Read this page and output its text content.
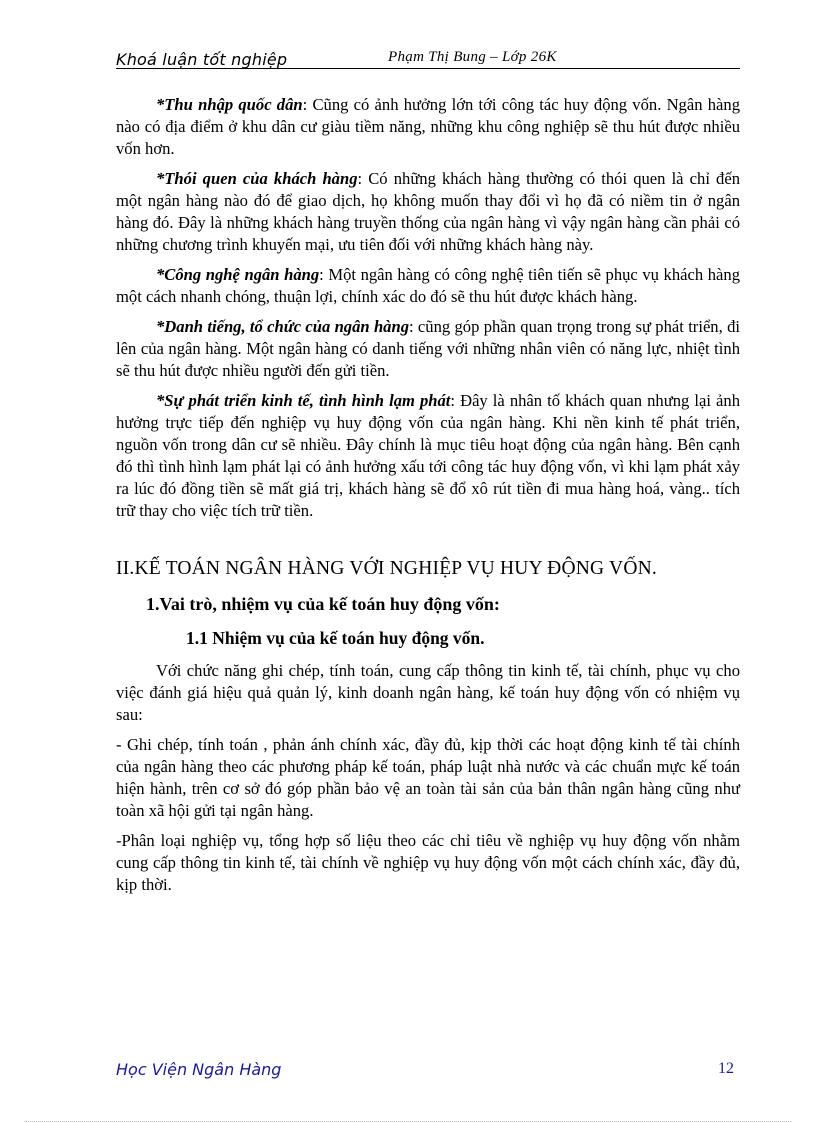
Khoá luận tốt nghiệp	Phạm Thị Bung – Lớp 26K

*Thu nhập quốc dân: Cũng có ảnh hưởng lớn tới công tác huy động vốn. Ngân hàng nào có địa điểm ở khu dân cư giàu tiềm năng, những khu công nghiệp sẽ thu hút được nhiều vốn hơn.

*Thói quen của khách hàng: Có những khách hàng thường có thói quen là chỉ đến một ngân hàng nào đó để giao dịch, họ không muốn thay đổi vì họ đã có niềm tin ở ngân hàng đó. Đây là những khách hàng truyền thống của ngân hàng vì vậy ngân hàng cần phải có những chương trình khuyến mại, ưu tiên đối với những khách hàng này.

*Công nghệ ngân hàng: Một ngân hàng có công nghệ tiên tiến sẽ phục vụ khách hàng một cách nhanh chóng, thuận lợi, chính xác do đó sẽ thu hút được khách hàng.

*Danh tiếng, tổ chức của ngân hàng: cũng góp phần quan trọng trong sự phát triển, đi lên của ngân hàng. Một ngân hàng có danh tiếng với những nhân viên có năng lực, nhiệt tình sẽ thu hút được nhiều người đến gửi tiền.

*Sự phát triển kinh tế, tình hình lạm phát: Đây là nhân tố khách quan nhưng lại ảnh hưởng trực tiếp đến nghiệp vụ huy động vốn của ngân hàng. Khi nền kinh tế phát triển, nguồn vốn trong dân cư sẽ nhiều. Đây chính là mục tiêu hoạt động của ngân hàng. Bên cạnh đó thì tình hình lạm phát lại có ảnh hưởng xấu tới công tác huy động vốn, vì khi lạm phát xảy ra lúc đó đồng tiền sẽ mất giá trị, khách hàng sẽ đổ xô rút tiền đi mua hàng hoá, vàng.. tích trữ thay cho việc tích trữ tiền.

II.KẾ TOÁN NGÂN HÀNG VỚI NGHIỆP VỤ HUY ĐỘNG VỐN.

1.Vai trò, nhiệm vụ của kế toán huy động vốn:

1.1 Nhiệm vụ của kế toán huy động vốn.

Với chức năng ghi chép, tính toán, cung cấp thông tin kinh tế, tài chính, phục vụ cho việc đánh giá hiệu quả quản lý, kinh doanh ngân hàng, kế toán huy động vốn có nhiệm vụ sau:

- Ghi chép, tính toán , phản ánh chính xác, đầy đủ, kịp thời các hoạt động kinh tế tài chính của ngân hàng theo các phương pháp kế toán, pháp luật nhà nước và các chuẩn mực kế toán hiện hành, trên cơ sở đó góp phần bảo vệ an toàn tài sản của bản thân ngân hàng cũng như toàn xã hội gửi tại ngân hàng.

-Phân loại nghiệp vụ, tổng hợp số liệu theo các chỉ tiêu về nghiệp vụ huy động vốn nhằm cung cấp thông tin kinh tế, tài chính về nghiệp vụ huy động vốn một cách chính xác, đầy đủ, kịp thời.

Học Viện Ngân Hàng	12
